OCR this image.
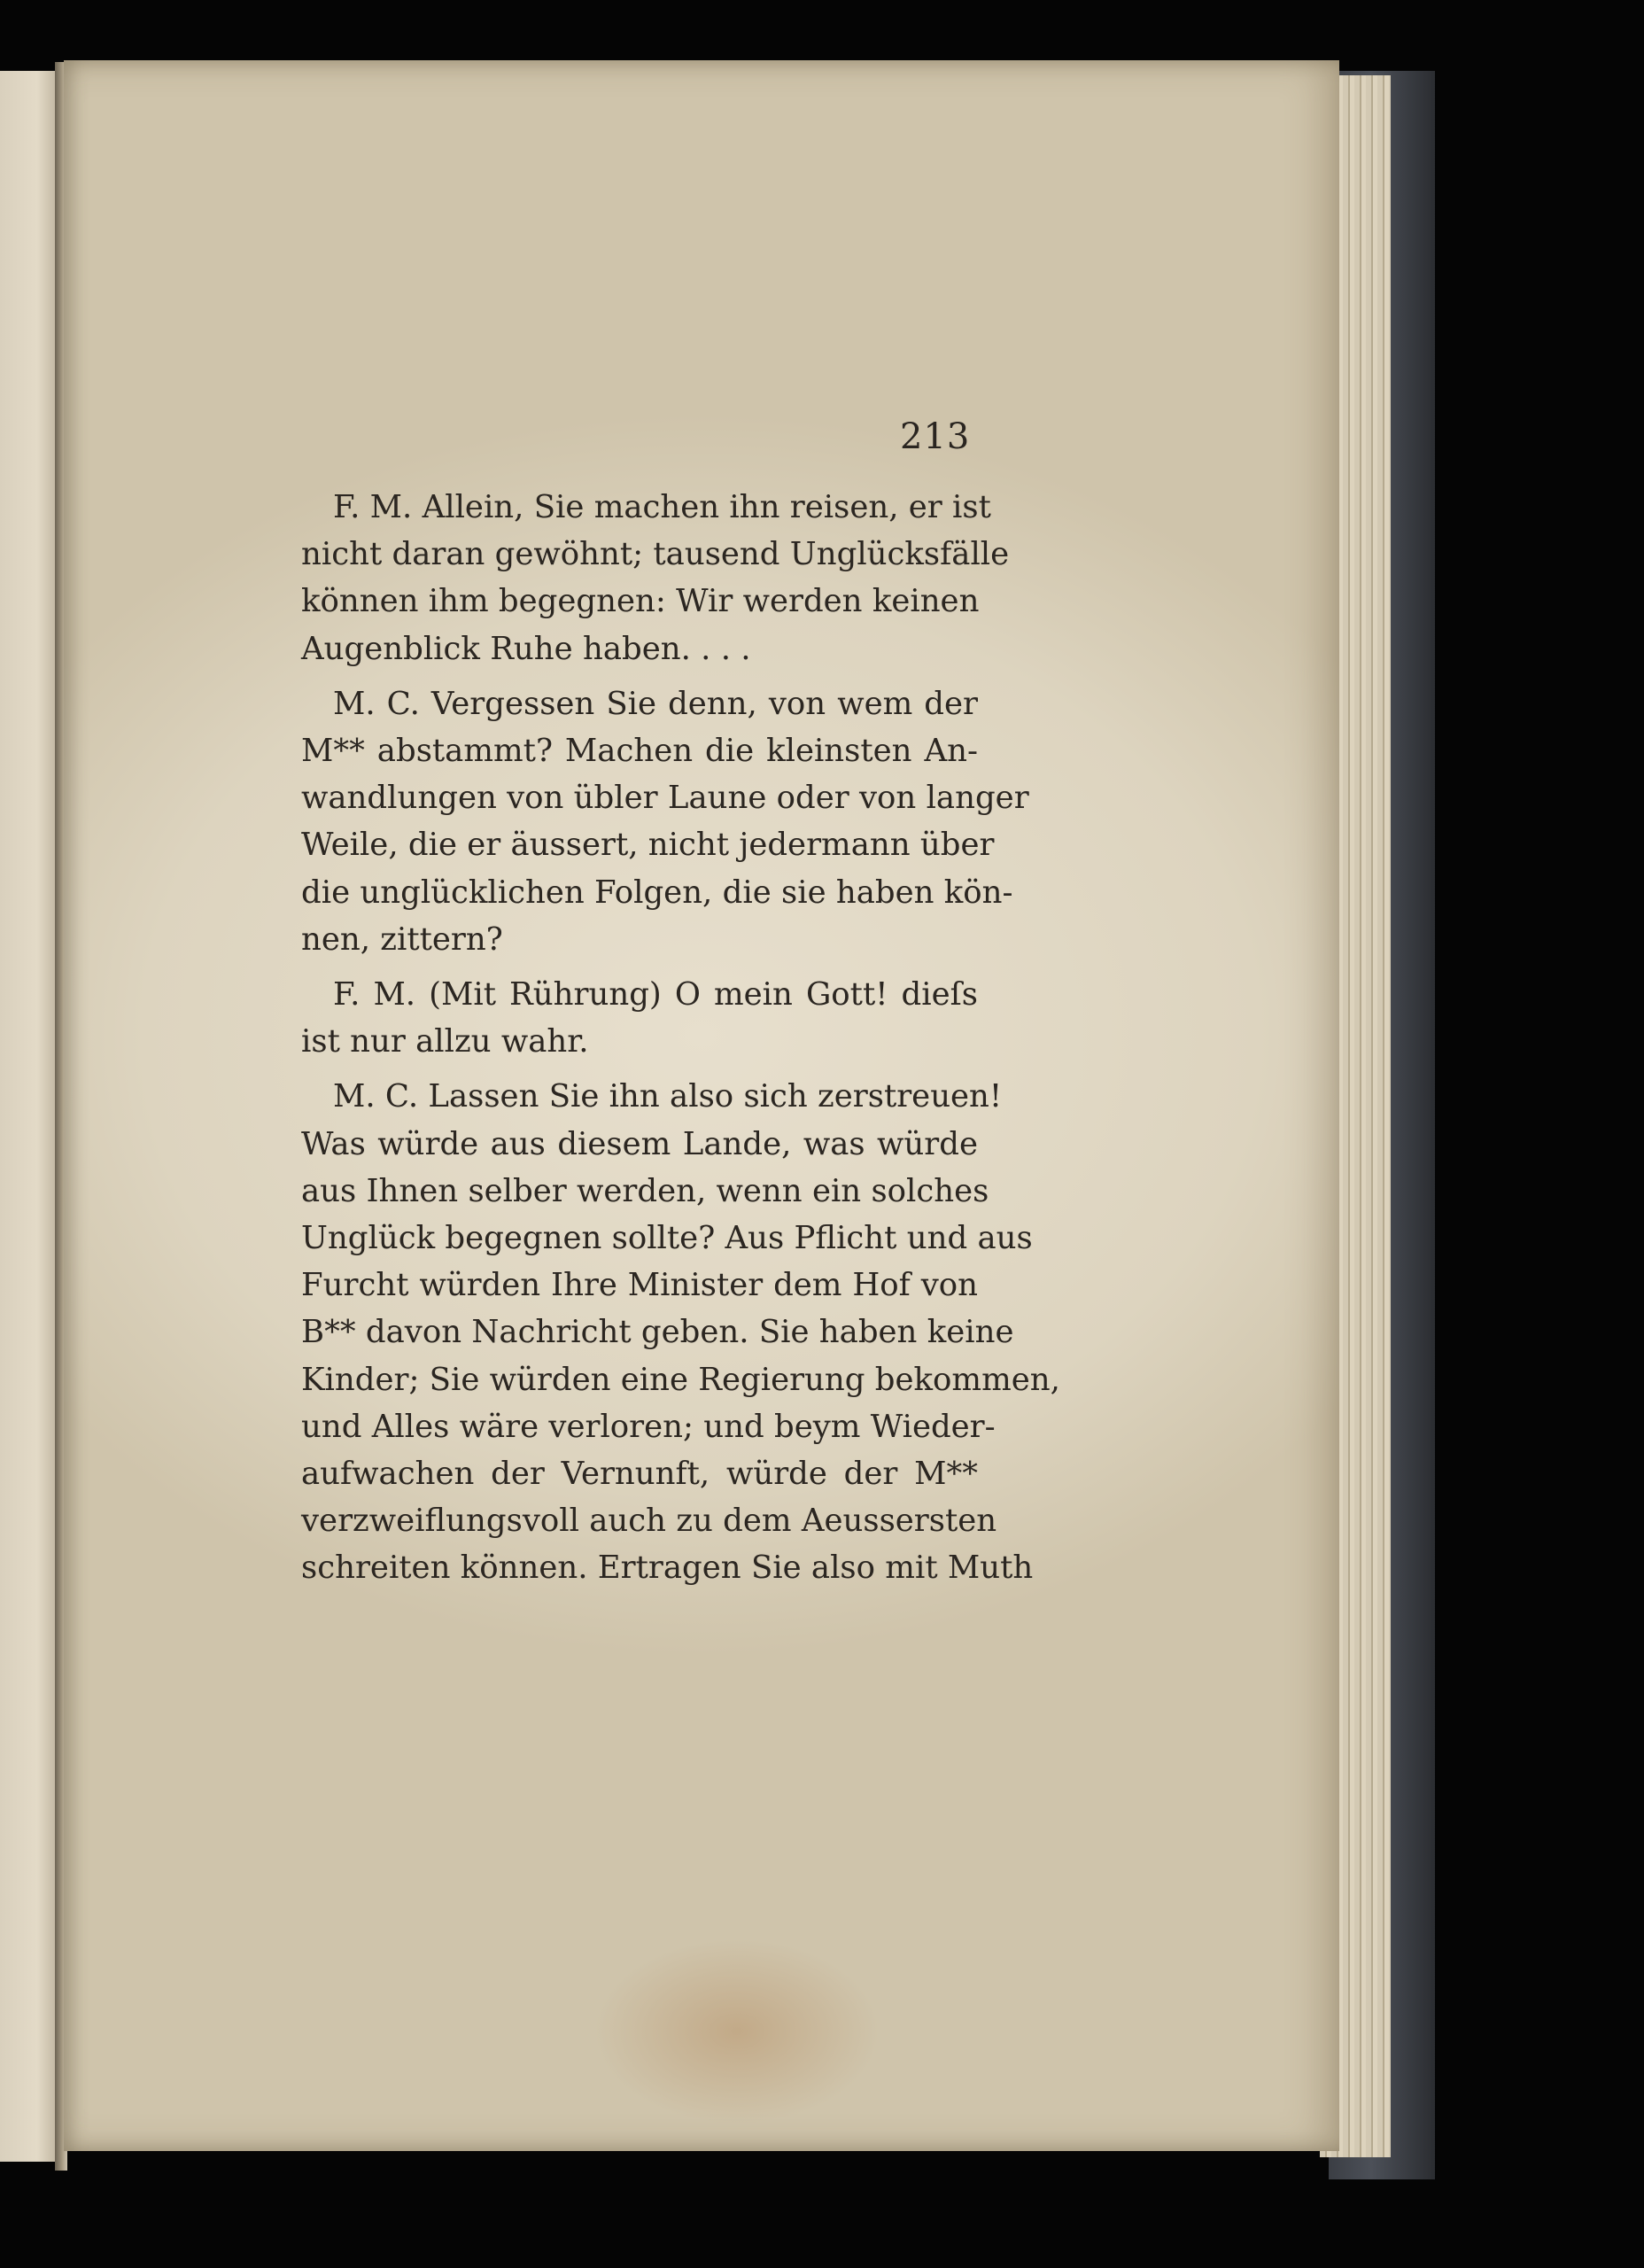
213
F. M. Allein, Sie machen ihn reisen, er ist
nicht daran gewöhnt; tausend Unglücksfälle
können ihm begegnen: Wir werden keinen
Augenblick Ruhe haben. . . .
M. C. Vergessen Sie denn, von wem der
M** abstammt? Machen die kleinsten An-
wandlungen von übler Laune oder von langer
Weile, die er äussert, nicht jedermann über
die unglücklichen Folgen, die sie haben kön-
nen, zittern?
F. M. (Mit Rührung) O mein Gott! dieſs
ist nur allzu wahr.
M. C. Lassen Sie ihn also sich zerstreuen!
Was würde aus diesem Lande, was würde
aus Ihnen selber werden, wenn ein solches
Unglück begegnen sollte? Aus Pflicht und aus
Furcht würden Ihre Minister dem Hof von
B** davon Nachricht geben. Sie haben keine
Kinder; Sie würden eine Regierung bekommen,
und Alles wäre verloren; und beym Wieder-
aufwachen der Vernunft, würde der M**
verzweiflungsvoll auch zu dem Aeussersten
schreiten können. Ertragen Sie also mit Muth
